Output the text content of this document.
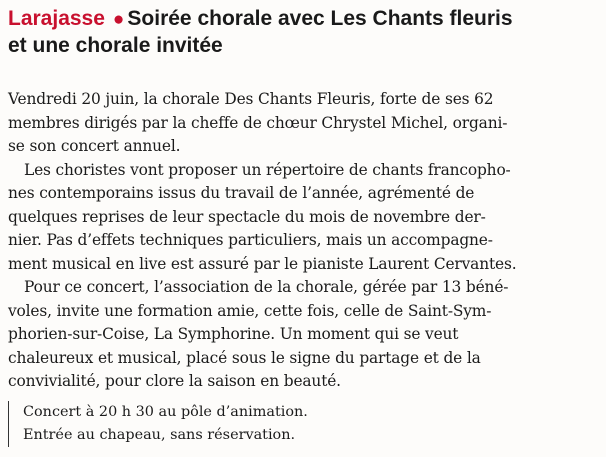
Larajasse ● Soirée chorale avec Les Chants fleuris
et une chorale invitée
Vendredi 20 juin, la chorale Des Chants Fleuris, forte de ses 62
membres dirigés par la cheffe de chœur Chrystel Michel, organi-
se son concert annuel.
Les choristes vont proposer un répertoire de chants francopho-
nes contemporains issus du travail de l’année, agrémenté de
quelques reprises de leur spectacle du mois de novembre der-
nier. Pas d’effets techniques particuliers, mais un accompagne-
ment musical en live est assuré par le pianiste Laurent Cervantes.
Pour ce concert, l’association de la chorale, gérée par 13 béné-
voles, invite une formation amie, cette fois, celle de Saint-Sym-
phorien-sur-Coise, La Symphorine. Un moment qui se veut
chaleureux et musical, placé sous le signe du partage et de la
convivialité, pour clore la saison en beauté.
Concert à 20 h 30 au pôle d’animation.
Entrée au chapeau, sans réservation.
